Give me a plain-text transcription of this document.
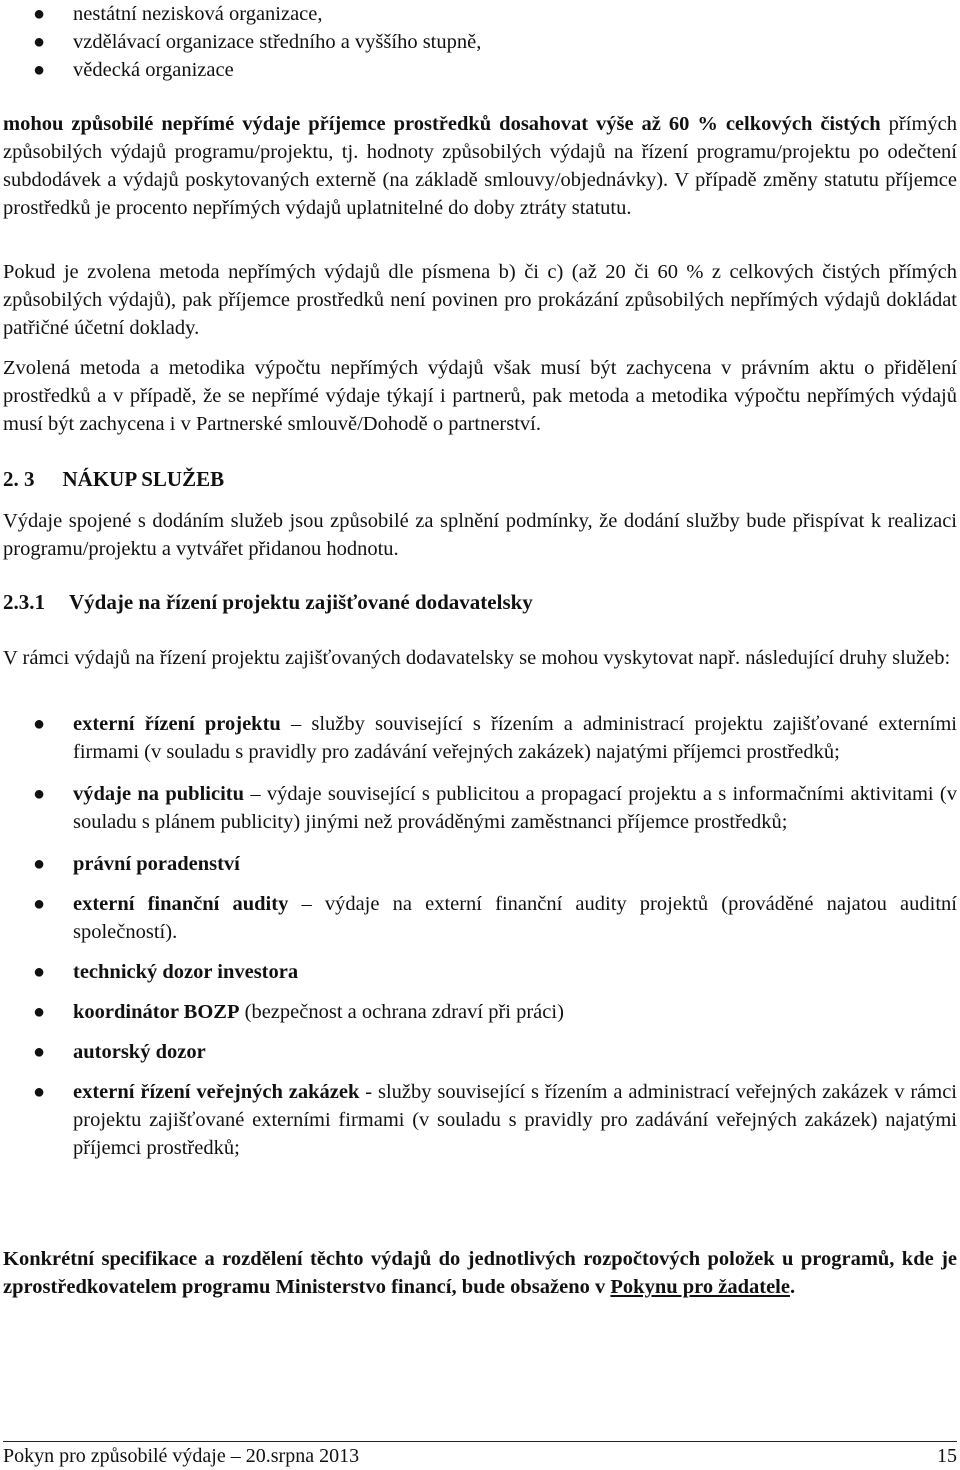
● nestátní nezisková organizace,
● vzdělávací organizace středního a vyššího stupně,
● vědecká organizace

mohou způsobilé nepřímé výdaje příjemce prostředků dosahovat výše až 60 % celkových čistých přímých způsobilých výdajů programu/projektu, tj. hodnoty způsobilých výdajů na řízení programu/projektu po odečtení subdodávek a výdajů poskytovaných externě (na základě smlouvy/objednávky). V případě změny statutu příjemce prostředků je procento nepřímých výdajů uplatnitelné do doby ztráty statutu.

Pokud je zvolena metoda nepřímých výdajů dle písmena b) či c) (až 20 či 60 % z celkových čistých přímých způsobilých výdajů), pak příjemce prostředků není povinen pro prokázání způsobilých nepřímých výdajů dokládat patřičné účetní doklady.

Zvolená metoda a metodika výpočtu nepřímých výdajů však musí být zachycena v právním aktu o přidělení prostředků a v případě, že se nepřímé výdaje týkají i partnerů, pak metoda a metodika výpočtu nepřímých výdajů musí být zachycena i v Partnerské smlouvě/Dohodě o partnerství.

2. 3 NÁKUP SLUŽEB

Výdaje spojené s dodáním služeb jsou způsobilé za splnění podmínky, že dodání služby bude přispívat k realizaci programu/projektu a vytvářet přidanou hodnotu.

2.3.1 Výdaje na řízení projektu zajišťované dodavatelsky

V rámci výdajů na řízení projektu zajišťovaných dodavatelsky se mohou vyskytovat např. následující druhy služeb:

● externí řízení projektu – služby související s řízením a administrací projektu zajišťované externími firmami (v souladu s pravidly pro zadávání veřejných zakázek) najatými příjemci prostředků;
● výdaje na publicitu – výdaje související s publicitou a propagací projektu a s informačními aktivitami (v souladu s plánem publicity) jinými než prováděnými zaměstnanci příjemce prostředků;
● právní poradenství
● externí finanční audity – výdaje na externí finanční audity projektů (prováděné najatou auditní společností).
● technický dozor investora
● koordinátor BOZP (bezpečnost a ochrana zdraví při práci)
● autorský dozor
● externí řízení veřejných zakázek - služby související s řízením a administrací veřejných zakázek v rámci projektu zajišťované externími firmami (v souladu s pravidly pro zadávání veřejných zakázek) najatými příjemci prostředků;

Konkrétní specifikace a rozdělení těchto výdajů do jednotlivých rozpočtových položek u programů, kde je zprostředkovatelem programu Ministerstvo financí, bude obsaženo v Pokynu pro žadatele.

Pokyn pro způsobilé výdaje – 20.srpna 2013	15
